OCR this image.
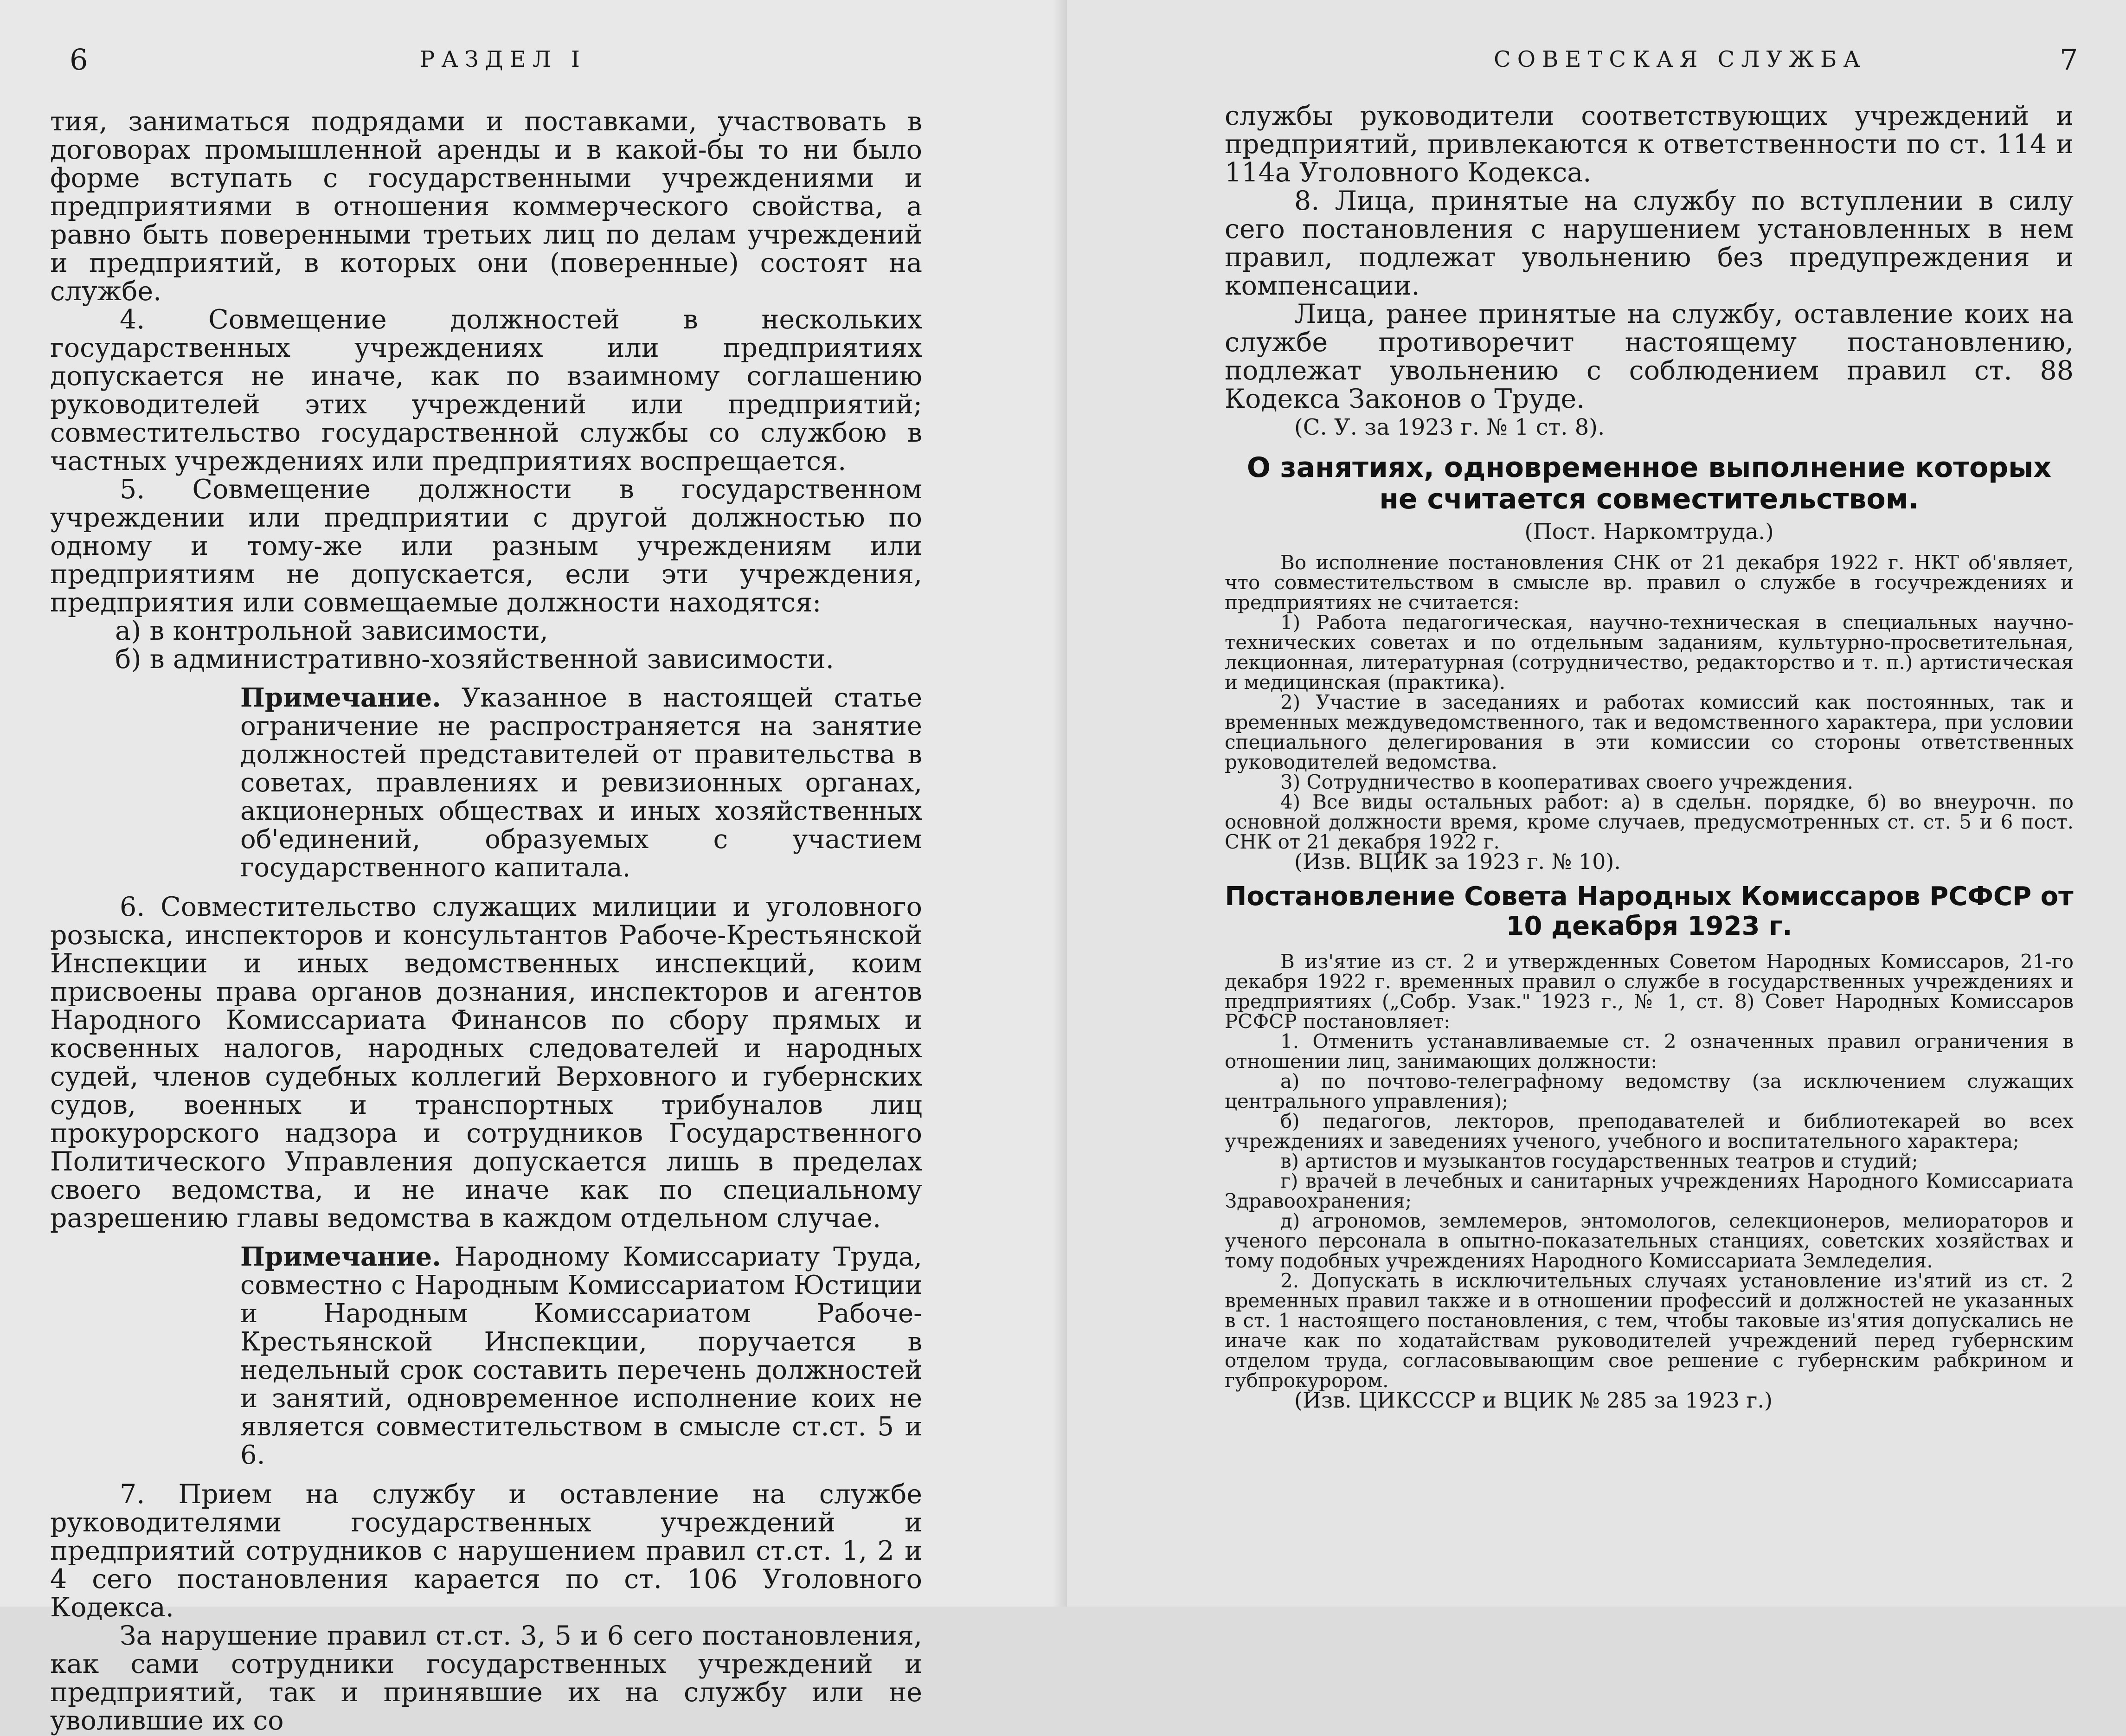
6	РАЗДЕЛ I

тия, заниматься подрядами и поставками, участвовать в договорах промышленной аренды и в какой-бы то ни было форме вступать с государственными учреждениями и предприятиями в отношения коммерческого свойства, а равно быть поверенными третьих лиц по делам учреждений и предприятий, в которых они (поверенные) состоят на службе.

4. Совмещение должностей в нескольких государственных учреждениях или предприятиях допускается не иначе, как по взаимному соглашению руководителей этих учреждений или предприятий; совместительство государственной службы со службою в частных учреждениях или предприятиях воспрещается.

5. Совмещение должности в государственном учреждении или предприятии с другой должностью по одному и тому-же или разным учреждениям или предприятиям не допускается, если эти учреждения, предприятия или совмещаемые должности находятся:

а) в контрольной зависимости,

б) в административно-хозяйственной зависимости.

Примечание. Указанное в настоящей статье ограничение не распространяется на занятие должностей представителей от правительства в советах, правлениях и ревизионных органах, акционерных обществах и иных хозяйственных об'единений, образуемых с участием государственного капитала.

6. Совместительство служащих милиции и уголовного розыска, инспекторов и консультантов Рабоче-Крестьянской Инспекции и иных ведомственных инспекций, коим присвоены права органов дознания, инспекторов и агентов Народного Комиссариата Финансов по сбору прямых и косвенных налогов, народных следователей и народных судей, членов судебных коллегий Верховного и губернских судов, военных и транспортных трибуналов лиц прокурорского надзора и сотрудников Государственного Политического Управления допускается лишь в пределах своего ведомства, и не иначе как по специальному разрешению главы ведомства в каждом отдельном случае.

Примечание. Народному Комиссариату Труда, совместно с Народным Комиссариатом Юстиции и Народным Комиссариатом Рабоче-Крестьянской Инспекции, поручается в недельный срок составить перечень должностей и занятий, одновременное исполнение коих не является совместительством в смысле ст.ст. 5 и 6.

7. Прием на службу и оставление на службе руководителями государственных учреждений и предприятий сотрудников с нарушением правил ст.ст. 1, 2 и 4 сего постановления карается по ст. 106 Уголовного Кодекса.

За нарушение правил ст.ст. 3, 5 и 6 сего постановления, как сами сотрудники государственных учреждений и предприятий, так и принявшие их на службу или не уволившие их со

СОВЕТСКАЯ СЛУЖБА	7

службы руководители соответствующих учреждений и предприятий, привлекаются к ответственности по ст. 114 и 114а Уголовного Кодекса.

8. Лица, принятые на службу по вступлении в силу сего постановления с нарушением установленных в нем правил, подлежат увольнению без предупреждения и компенсации.

Лица, ранее принятые на службу, оставление коих на службе противоречит настоящему постановлению, подлежат увольнению с соблюдением правил ст. 88 Кодекса Законов о Труде.

(С. У. за 1923 г. № 1 ст. 8).

О занятиях, одновременное выполнение которых не считается совместительством.

(Пост. Наркомтруда.)

Во исполнение постановления СНК от 21 декабря 1922 г. НКТ об'являет, что совместительством в смысле вр. правил о службе в госучреждениях и предприятиях не считается:

1) Работа педагогическая, научно-техническая в специальных научно-технических советах и по отдельным заданиям, культурно-просветительная, лекционная, литературная (сотрудничество, редакторство и т. п.) артистическая и медицинская (практика).

2) Участие в заседаниях и работах комиссий как постоянных, так и временных междуведомственного, так и ведомственного характера, при условии специального делегирования в эти комиссии со стороны ответственных руководителей ведомства.

3) Сотрудничество в кооперативах своего учреждения.

4) Все виды остальных работ: а) в сдельн. порядке, б) во внеурочн. по основной должности время, кроме случаев, предусмотренных ст. ст. 5 и 6 пост. СНК от 21 декабря 1922 г.

(Изв. ВЦИК за 1923 г. № 10).

Постановление Совета Народных Комиссаров РСФСР от 10 декабря 1923 г.

В из'ятие из ст. 2 и утвержденных Советом Народных Комиссаров, 21-го декабря 1922 г. временных правил о службе в государственных учреждениях и предприятиях („Собр. Узак." 1923 г., № 1, ст. 8) Совет Народных Комиссаров РСФСР постановляет:

1. Отменить устанавливаемые ст. 2 означенных правил ограничения в отношении лиц, занимающих должности:

а) по почтово-телеграфному ведомству (за исключением служащих центрального управления);

б) педагогов, лекторов, преподавателей и библиотекарей во всех учреждениях и заведениях ученого, учебного и воспитательного характера;

в) артистов и музыкантов государственных театров и студий;

г) врачей в лечебных и санитарных учреждениях Народного Комиссариата Здравоохранения;

д) агрономов, землемеров, энтомологов, селекционеров, мелиораторов и ученого персонала в опытно-показательных станциях, советских хозяйствах и тому подобных учреждениях Народного Комиссариата Земледелия.

2. Допускать в исключительных случаях установление из'ятий из ст. 2 временных правил также и в отношении профессий и должностей не указанных в ст. 1 настоящего постановления, с тем, чтобы таковые из'ятия допускались не иначе как по ходатайствам руководителей учреждений перед губернским отделом труда, согласовывающим свое решение с губернским рабкрином и губпрокурором.

(Изв. ЦИКСССР и ВЦИК № 285 за 1923 г.)
